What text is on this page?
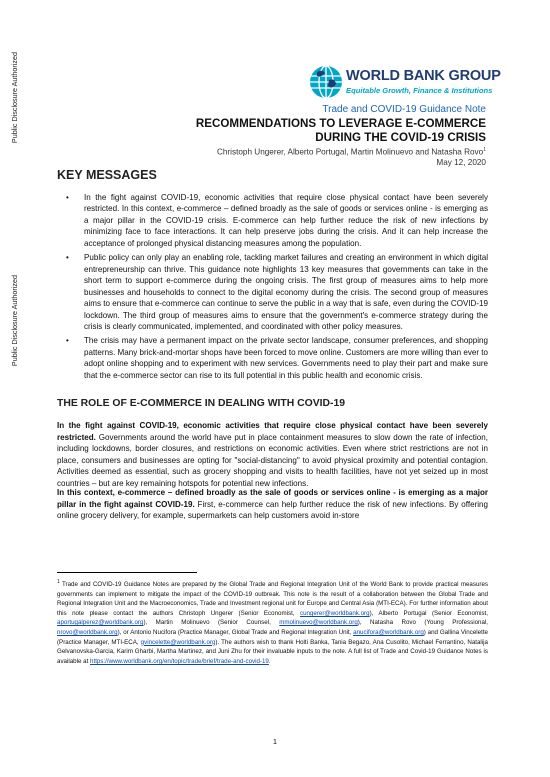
Public Disclosure Authorized
Public Disclosure Authorized
WORLD BANK GROUP
Equitable Growth, Finance & Institutions
Trade and COVID-19 Guidance Note
RECOMMENDATIONS TO LEVERAGE E-COMMERCE
DURING THE COVID-19 CRISIS
Christoph Ungerer, Alberto Portugal, Martin Molinuevo and Natasha Rovo$^1$
May 12, 2020
KEY MESSAGES
• In the fight against COVID-19, economic activities that require close physical contact have been severely restricted. In this context, e-commerce – defined broadly as the sale of goods or services online - is emerging as a major pillar in the COVID-19 crisis. E-commerce can help further reduce the risk of new infections by minimizing face to face interactions. It can help preserve jobs during the crisis. And it can help increase the acceptance of prolonged physical distancing measures among the population.
• Public policy can only play an enabling role, tackling market failures and creating an environment in which digital entrepreneurship can thrive. This guidance note highlights 13 key measures that governments can take in the short term to support e-commerce during the ongoing crisis. The first group of measures aims to help more businesses and households to connect to the digital economy during the crisis. The second group of measures aims to ensure that e-commerce can continue to serve the public in a way that is safe, even during the COVID-19 lockdown. The third group of measures aims to ensure that the government's e-commerce strategy during the crisis is clearly communicated, implemented, and coordinated with other policy measures.
• The crisis may have a permanent impact on the private sector landscape, consumer preferences, and shopping patterns. Many brick-and-mortar shops have been forced to move online. Customers are more willing than ever to adopt online shopping and to experiment with new services. Governments need to play their part and make sure that the e-commerce sector can rise to its full potential in this public health and economic crisis.
THE ROLE OF E-COMMERCE IN DEALING WITH COVID-19

In the fight against COVID-19, economic activities that require close physical contact have been severely restricted. Governments around the world have put in place containment measures to slow down the rate of infection, including lockdowns, border closures, and restrictions on economic activities. Even where strict restrictions are not in place, consumers and businesses are opting for "social-distancing" to avoid physical proximity and potential contagion. Activities deemed as essential, such as grocery shopping and visits to health facilities, have not yet seized up in most countries – but are key remaining hotspots for potential new infections.

In this context, e-commerce – defined broadly as the sale of goods or services online - is emerging as a major pillar in the fight against COVID-19. First, e-commerce can help further reduce the risk of new infections. By offering online grocery delivery, for example, supermarkets can help customers avoid in-store

$^1$ Trade and COVID-19 Guidance Notes are prepared by the Global Trade and Regional Integration Unit of the World Bank to provide practical measures governments can implement to mitigate the impact of the COVID-19 outbreak. This note is the result of a collaboration between the Global Trade and Regional Integration Unit and the Macroeconomics, Trade and Investment regional unit for Europe and Central Asia (MTI-ECA). For further information about this note please contact the authors Christoph Ungerer (Senior Economist, cungerer@worldbank.org), Alberto Portugal (Senior Economist, aportugalperez@worldbank.org), Martin Molinuevo (Senior Counsel, mmolinuevo@worldbank.org), Natasha Rovo (Young Professional, nrovo@worldbank.org), or Antonio Nucifora (Practice Manager, Global Trade and Regional Integration Unit, anucifora@worldbank.org) and Gallina Vincelette (Practice Manager, MTI-ECA, gvincelette@worldbank.org). The authors wish to thank Holti Banka, Tania Begazo, Ana Cusolito, Michael Ferrantino, Natalija Gelvanovska-Garcia, Karim Gharbi, Martha Martinez, and Juni Zhu for their invaluable inputs to the note. A full list of Trade and Covid-19 Guidance Notes is available at https://www.worldbank.org/en/topic/trade/brief/trade-and-covid-19.

1
